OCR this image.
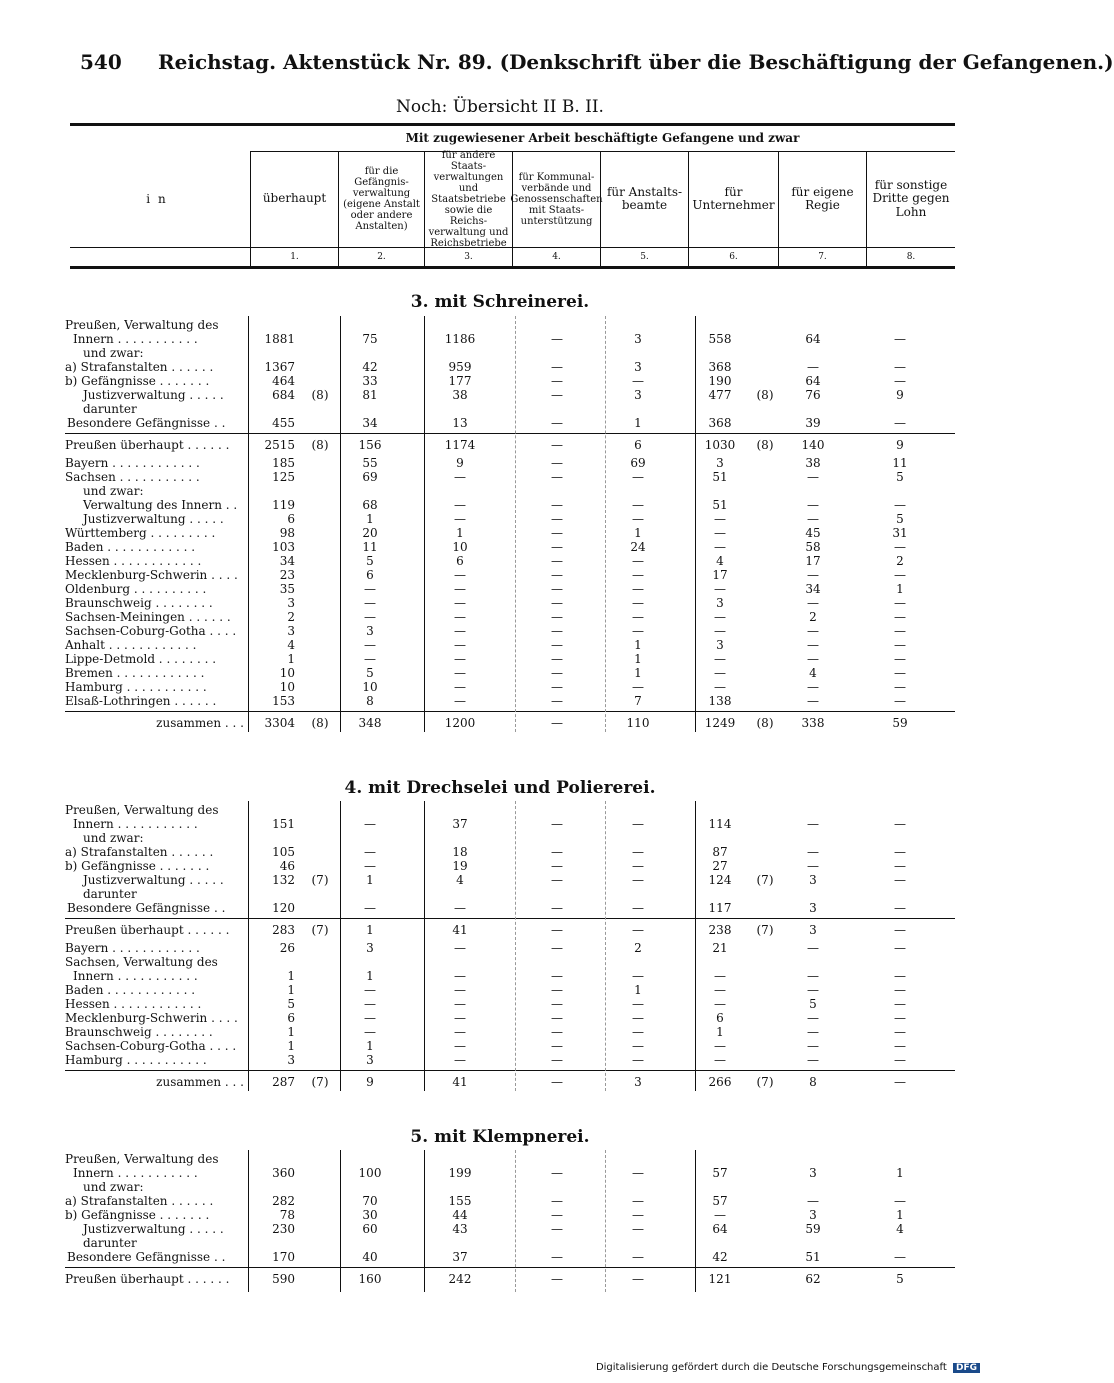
540 Reichstag. Aktenstück Nr. 89. (Denkschrift über die Beschäftigung der Gefangenen.)
Noch: Übersicht II B. II.
Mit zugewiesener Arbeit beschäftigte Gefangene und zwar
in	überhaupt
für die Gefängnis-verwaltung (eigene Anstalt oder andere Anstalten)
für andere Staats-verwaltungen und Staatsbetriebe sowie die Reichs-verwaltung und Reichsbetriebe
für Kommunal-verbände und Genossenschaften mit Staats-unterstützung
für Anstalts-beamte
für Unternehmer
für eigene Regie
für sonstige Dritte gegen Lohn
1.	2.	3.	4.	5.	6.	7.	8.
3. mit Schreinerei.
Preußen, Verwaltung des
Innern . . . . . . . . . . .	1881	75	1186	—	3	558	64	—
und zwar:
a) Strafanstalten . . . . . .	1367	42	959	—	3	368	—	—
b) Gefängnisse . . . . . . .	464	33	177	—	—	190	64	—
Justizverwaltung . . . . .	684	(8)	81	38	—	3	477	(8)	76	9
darunter
Besondere Gefängnisse . .	455	34	13	—	1	368	39	—
Preußen überhaupt . . . . . .	2515	(8)	156	1174	—	6	1030	(8)	140	9
Bayern . . . . . . . . . . . .	185	55	9	—	69	3	38	11
Sachsen . . . . . . . . . . .	125	69	—	—	—	51	—	5
und zwar:
Verwaltung des Innern . .	119	68	—	—	—	51	—	—
Justizverwaltung . . . . .	6	1	—	—	—	—	—	5
Württemberg . . . . . . . . .	98	20	1	—	1	—	45	31
Baden . . . . . . . . . . . .	103	11	10	—	24	—	58	—
Hessen . . . . . . . . . . . .	34	5	6	—	—	4	17	2
Mecklenburg-Schwerin . . . .	23	6	—	—	—	17	—	—
Oldenburg . . . . . . . . . .	35	—	—	—	—	—	34	1
Braunschweig . . . . . . . .	3	—	—	—	—	3	—	—
Sachsen-Meiningen . . . . . .	2	—	—	—	—	—	2	—
Sachsen-Coburg-Gotha . . . .	3	3	—	—	—	—	—	—
Anhalt . . . . . . . . . . . .	4	—	—	—	1	3	—	—
Lippe-Detmold . . . . . . . .	1	—	—	—	1	—	—	—
Bremen . . . . . . . . . . . .	10	5	—	—	1	—	4	—
Hamburg . . . . . . . . . . .	10	10	—	—	—	—	—	—
Elsaß-Lothringen . . . . . .	153	8	—	—	7	138	—	—
zusammen . . .	3304	(8)	348	1200	—	110	1249	(8)	338	59
4. mit Drechselei und Poliererei.
Preußen, Verwaltung des
Innern . . . . . . . . . . .	151	—	37	—	—	114	—	—
und zwar:
a) Strafanstalten . . . . . .	105	—	18	—	—	87	—	—
b) Gefängnisse . . . . . . .	46	—	19	—	—	27	—	—
Justizverwaltung . . . . .	132	(7)	1	4	—	—	124	(7)	3	—
darunter
Besondere Gefängnisse . .	120	—	—	—	—	117	3	—
Preußen überhaupt . . . . . .	283	(7)	1	41	—	—	238	(7)	3	—
Bayern . . . . . . . . . . . .	26	3	—	—	2	21	—	—
Sachsen, Verwaltung des
Innern . . . . . . . . . . .	1	1	—	—	—	—	—	—
Baden . . . . . . . . . . . .	1	—	—	—	1	—	—	—
Hessen . . . . . . . . . . . .	5	—	—	—	—	—	5	—
Mecklenburg-Schwerin . . . .	6	—	—	—	—	6	—	—
Braunschweig . . . . . . . .	1	—	—	—	—	1	—	—
Sachsen-Coburg-Gotha . . . .	1	1	—	—	—	—	—	—
Hamburg . . . . . . . . . . .	3	3	—	—	—	—	—	—
zusammen . . .	287	(7)	9	41	—	3	266	(7)	8	—
5. mit Klempnerei.
Preußen, Verwaltung des
Innern . . . . . . . . . . .	360	100	199	—	—	57	3	1
und zwar:
a) Strafanstalten . . . . . .	282	70	155	—	—	57	—	—
b) Gefängnisse . . . . . . .	78	30	44	—	—	—	3	1
Justizverwaltung . . . . .	230	60	43	—	—	64	59	4
darunter
Besondere Gefängnisse . .	170	40	37	—	—	42	51	—
Preußen überhaupt . . . . . .	590	160	242	—	—	121	62	5
Digitalisierung gefördert durch die Deutsche Forschungsgemeinschaft DFG
